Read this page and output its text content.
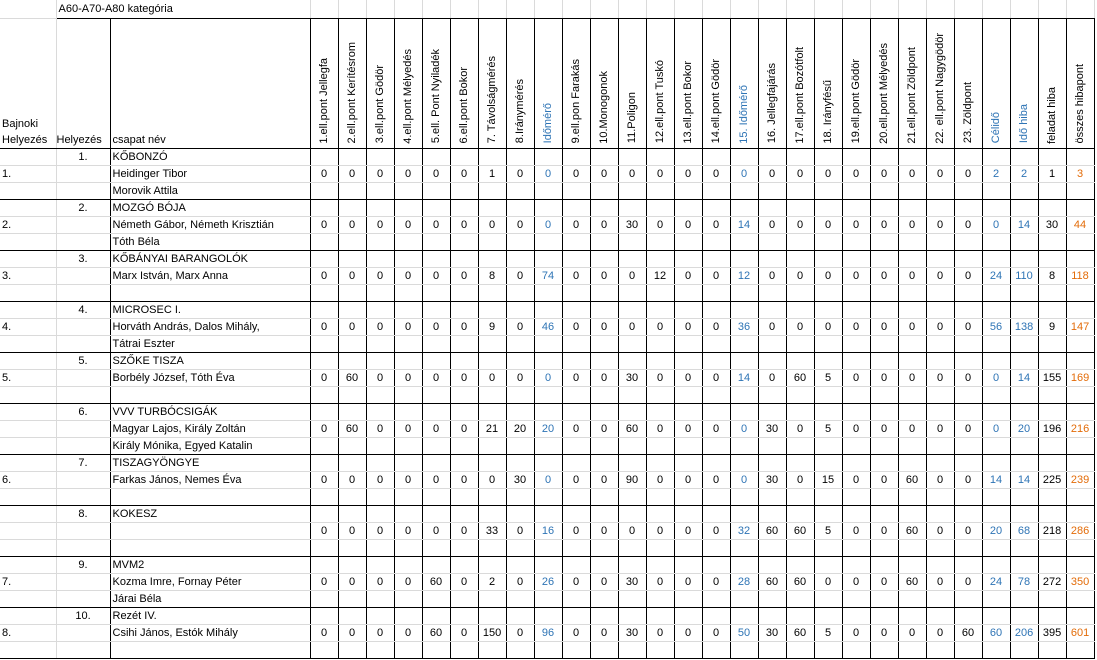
	A60-A70-A80 kategória																													

Bajnoki
Helyezés	Helyezés	csapat név	1.ell.pont Jellegfa	2.ell.pont Kerítésrom	3.ell.pont Gödör	4.ell.pont Mélyedés	5.ell. Pont Nyiladék	6.ell.pont Bokor	7. Távolságmérés	8.Iránymérés	Időmérő	9.ell.pon Farakás	10.Monogonok	11.Poligon	12.ell.pont Tuskó	13.ell.pont Bokor	14.ell.pont Gödör	15. Időmérő	16. Jellegfajárás	17.ell.pont Bozótfolt	18. Irányfésű	19.ell.pont Gödör	20.ell.pont Mélyedés	21.ell.pont Zöldpont	22. ell.pont Nagygödör	23. Zöldpont	Célidő	Idő hiba	feladat hiba	összes hibapont

	1.	KŐBONZÓ																												
1.		Heidinger Tibor	0	0	0	0	0	0	1	0	0	0	0	0	0	0	0	0	0	0	0	0	0	0	0	0	2	2	1	3
		Morovik Attila																												
	2.	MOZGÓ BÓJA																												
2.		Németh Gábor, Németh Krisztián	0	0	0	0	0	0	0	0	0	0	0	30	0	0	0	14	0	0	0	0	0	0	0	0	0	14	30	44
		Tóth Béla																												
	3.	KŐBÁNYAI BARANGOLÓK																												
3.		Marx István, Marx Anna	0	0	0	0	0	0	8	0	74	0	0	0	12	0	0	12	0	0	0	0	0	0	0	0	24	110	8	118

	4.	MICROSEC I.																												
4.		Horváth András, Dalos Mihály,	0	0	0	0	0	0	9	0	46	0	0	0	0	0	0	36	0	0	0	0	0	0	0	0	56	138	9	147
		Tátrai Eszter																												
	5.	SZŐKE TISZA																												
5.		Borbély József, Tóth Éva	0	60	0	0	0	0	0	0	0	0	0	30	0	0	0	14	0	60	5	0	0	0	0	0	0	14	155	169

	6.	VVV TURBÓCSIGÁK																												
		Magyar Lajos, Király Zoltán	0	60	0	0	0	0	21	20	20	0	0	60	0	0	0	0	30	0	5	0	0	0	0	0	0	20	196	216
		Király Mónika, Egyed Katalin																												
	7.	TISZAGYÖNGYE																												
6.		Farkas János, Nemes Éva	0	0	0	0	0	0	0	30	0	0	0	90	0	0	0	0	30	0	15	0	0	60	0	0	14	14	225	239

	8.	KOKESZ																												
			0	0	0	0	0	0	33	0	16	0	0	0	0	0	0	32	60	60	5	0	0	60	0	0	20	68	218	286

	9.	MVM2																												
7.		Kozma Imre, Fornay Péter	0	0	0	0	60	0	2	0	26	0	0	30	0	0	0	28	60	60	0	0	0	60	0	0	24	78	272	350
		Járai Béla																												
	10.	Rezét IV.																												
8.		Csihi János, Estók Mihály	0	0	0	0	60	0	150	0	96	0	0	30	0	0	0	50	30	60	5	0	0	0	0	60	60	206	395	601
